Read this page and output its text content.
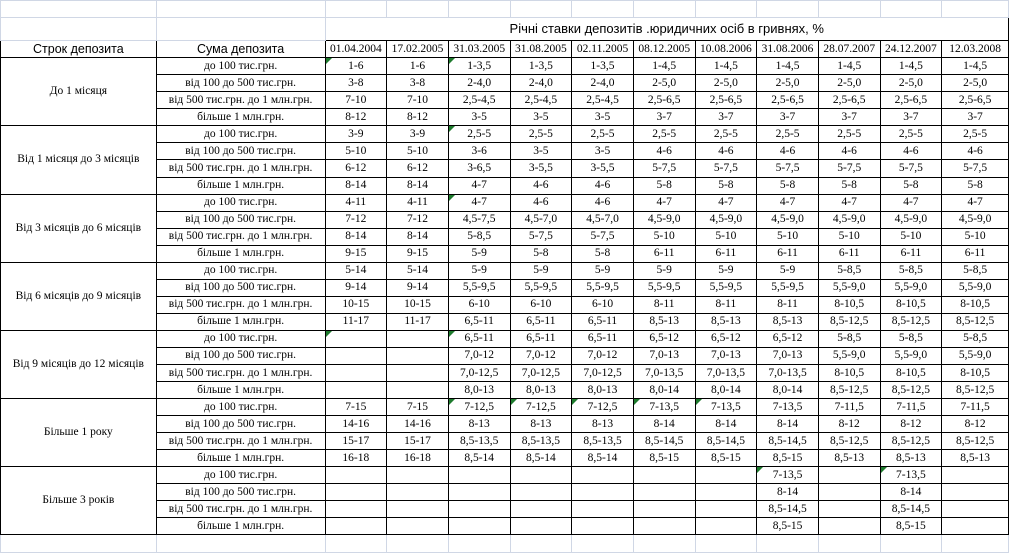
		Річні ставки депозитів .юридичних осіб в гривнях, %										
Строк депозита	Сума депозита	01.04.2004	17.02.2005	31.03.2005	31.08.2005	02.11.2005	08.12.2005	10.08.2006	31.08.2006	28.07.2007	24.12.2007	12.03.2008
До 1 місяця	до 100 тис.грн.	1-6	1-6	1-3,5	1-3,5	1-3,5	1-4,5	1-4,5	1-4,5	1-4,5	1-4,5	1-4,5
	від 100 до 500 тис.грн.	3-8	3-8	2-4,0	2-4,0	2-4,0	2-5,0	2-5,0	2-5,0	2-5,0	2-5,0	2-5,0
	від 500 тис.грн. до 1 млн.грн.	7-10	7-10	2,5-4,5	2,5-4,5	2,5-4,5	2,5-6,5	2,5-6,5	2,5-6,5	2,5-6,5	2,5-6,5	2,5-6,5
	більше 1 млн.грн.	8-12	8-12	3-5	3-5	3-5	3-7	3-7	3-7	3-7	3-7	3-7
Від 1 місяця до 3 місяців	до 100 тис.грн.	3-9	3-9	2,5-5	2,5-5	2,5-5	2,5-5	2,5-5	2,5-5	2,5-5	2,5-5	2,5-5
	від 100 до 500 тис.грн.	5-10	5-10	3-6	3-5	3-5	4-6	4-6	4-6	4-6	4-6	4-6
	від 500 тис.грн. до 1 млн.грн.	6-12	6-12	3-6,5	3-5,5	3-5,5	5-7,5	5-7,5	5-7,5	5-7,5	5-7,5	5-7,5
	більше 1 млн.грн.	8-14	8-14	4-7	4-6	4-6	5-8	5-8	5-8	5-8	5-8	5-8
Від 3 місяців до 6 місяців	до 100 тис.грн.	4-11	4-11	4-7	4-6	4-6	4-7	4-7	4-7	4-7	4-7	4-7
	від 100 до 500 тис.грн.	7-12	7-12	4,5-7,5	4,5-7,0	4,5-7,0	4,5-9,0	4,5-9,0	4,5-9,0	4,5-9,0	4,5-9,0	4,5-9,0
	від 500 тис.грн. до 1 млн.грн.	8-14	8-14	5-8,5	5-7,5	5-7,5	5-10	5-10	5-10	5-10	5-10	5-10
	більше 1 млн.грн.	9-15	9-15	5-9	5-8	5-8	6-11	6-11	6-11	6-11	6-11	6-11
Від 6 місяців до 9 місяців	до 100 тис.грн.	5-14	5-14	5-9	5-9	5-9	5-9	5-9	5-9	5-8,5	5-8,5	5-8,5
	від 100 до 500 тис.грн.	9-14	9-14	5,5-9,5	5,5-9,5	5,5-9,5	5,5-9,5	5,5-9,5	5,5-9,5	5,5-9,0	5,5-9,0	5,5-9,0
	від 500 тис.грн. до 1 млн.грн.	10-15	10-15	6-10	6-10	6-10	8-11	8-11	8-11	8-10,5	8-10,5	8-10,5
	більше 1 млн.грн.	11-17	11-17	6,5-11	6,5-11	6,5-11	8,5-13	8,5-13	8,5-13	8,5-12,5	8,5-12,5	8,5-12,5
Від 9 місяців до 12 місяців	до 100 тис.грн.			6,5-11	6,5-11	6,5-11	6,5-12	6,5-12	6,5-12	5-8,5	5-8,5	5-8,5
	від 100 до 500 тис.грн.			7,0-12	7,0-12	7,0-12	7,0-13	7,0-13	7,0-13	5,5-9,0	5,5-9,0	5,5-9,0
	від 500 тис.грн. до 1 млн.грн.			7,0-12,5	7,0-12,5	7,0-12,5	7,0-13,5	7,0-13,5	7,0-13,5	8-10,5	8-10,5	8-10,5
	більше 1 млн.грн.			8,0-13	8,0-13	8,0-13	8,0-14	8,0-14	8,0-14	8,5-12,5	8,5-12,5	8,5-12,5
Більше 1 року	до 100 тис.грн.	7-15	7-15	7-12,5	7-12,5	7-12,5	7-13,5	7-13,5	7-13,5	7-11,5	7-11,5	7-11,5
	від 100 до 500 тис.грн.	14-16	14-16	8-13	8-13	8-13	8-14	8-14	8-14	8-12	8-12	8-12
	від 500 тис.грн. до 1 млн.грн.	15-17	15-17	8,5-13,5	8,5-13,5	8,5-13,5	8,5-14,5	8,5-14,5	8,5-14,5	8,5-12,5	8,5-12,5	8,5-12,5
	більше 1 млн.грн.	16-18	16-18	8,5-14	8,5-14	8,5-14	8,5-15	8,5-15	8,5-15	8,5-13	8,5-13	8,5-13
Більше 3 років	до 100 тис.грн.								7-13,5		7-13,5	
	від 100 до 500 тис.грн.								8-14		8-14	
	від 500 тис.грн. до 1 млн.грн.								8,5-14,5		8,5-14,5	
	більше 1 млн.грн.								8,5-15		8,5-15	
